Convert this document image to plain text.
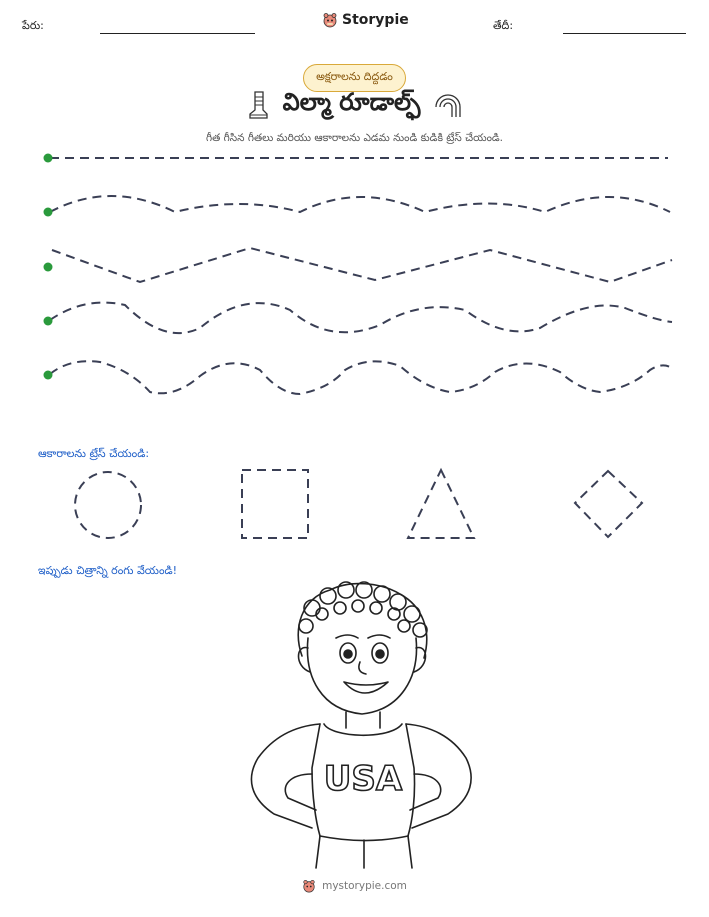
పేరు:	Storypie	తేదీ:
అక్షరాలను దిద్దడం
విల్మా రూడాల్ఫ్
గీత గీసిన గీతలు మరియు ఆకారాలను ఎడమ నుండి కుడికి ట్రేస్ చేయండి.
ఆకారాలను ట్రేస్ చేయండి:
ఇప్పుడు చిత్రాన్ని రంగు వేయండి!
USA
mystorypie.com
